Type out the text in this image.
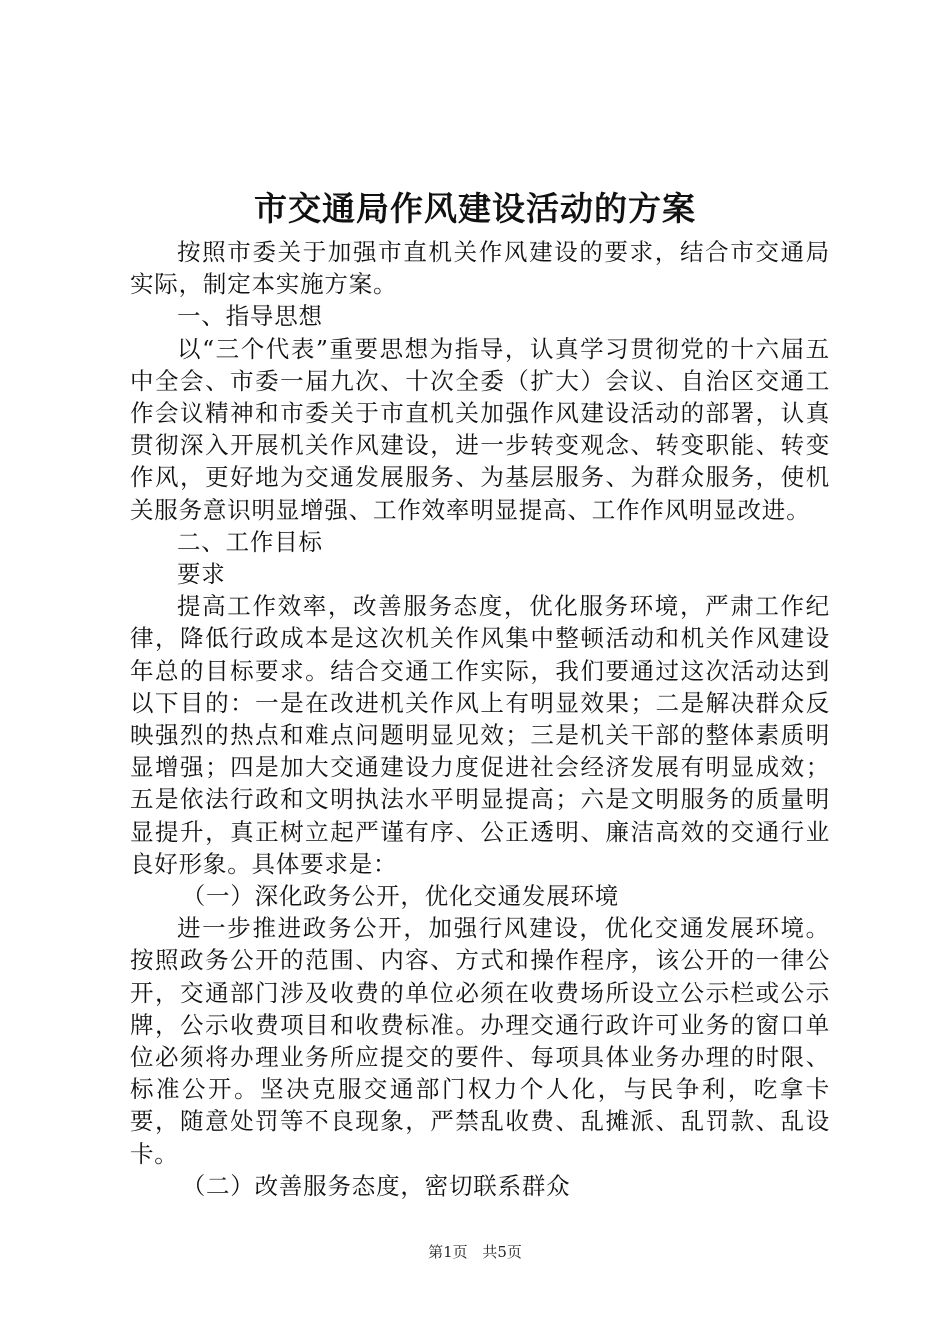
市交通局作风建设活动的方案

按照市委关于加强市直机关作风建设的要求，结合市交通局实际，制定本实施方案。

一、指导思想

以“三个代表”重要思想为指导，认真学习贯彻党的十六届五中全会、市委一届九次、十次全委（扩大）会议、自治区交通工作会议精神和市委关于市直机关加强作风建设活动的部署，认真贯彻深入开展机关作风建设，进一步转变观念、转变职能、转变作风，更好地为交通发展服务、为基层服务、为群众服务，使机关服务意识明显增强、工作效率明显提高、工作作风明显改进。

二、工作目标

要求

提高工作效率，改善服务态度，优化服务环境，严肃工作纪律，降低行政成本是这次机关作风集中整顿活动和机关作风建设年总的目标要求。结合交通工作实际，我们要通过这次活动达到以下目的：一是在改进机关作风上有明显效果；二是解决群众反映强烈的热点和难点问题明显见效；三是机关干部的整体素质明显增强；四是加大交通建设力度促进社会经济发展有明显成效；五是依法行政和文明执法水平明显提高；六是文明服务的质量明显提升，真正树立起严谨有序、公正透明、廉洁高效的交通行业良好形象。具体要求是：

（一）深化政务公开，优化交通发展环境

进一步推进政务公开，加强行风建设，优化交通发展环境。按照政务公开的范围、内容、方式和操作程序，该公开的一律公开，交通部门涉及收费的单位必须在收费场所设立公示栏或公示牌，公示收费项目和收费标准。办理交通行政许可业务的窗口单位必须将办理业务所应提交的要件、每项具体业务办理的时限、标准公开。坚决克服交通部门权力个人化，与民争利，吃拿卡要，随意处罚等不良现象，严禁乱收费、乱摊派、乱罚款、乱设卡。

（二）改善服务态度，密切联系群众

第1页 共5页
